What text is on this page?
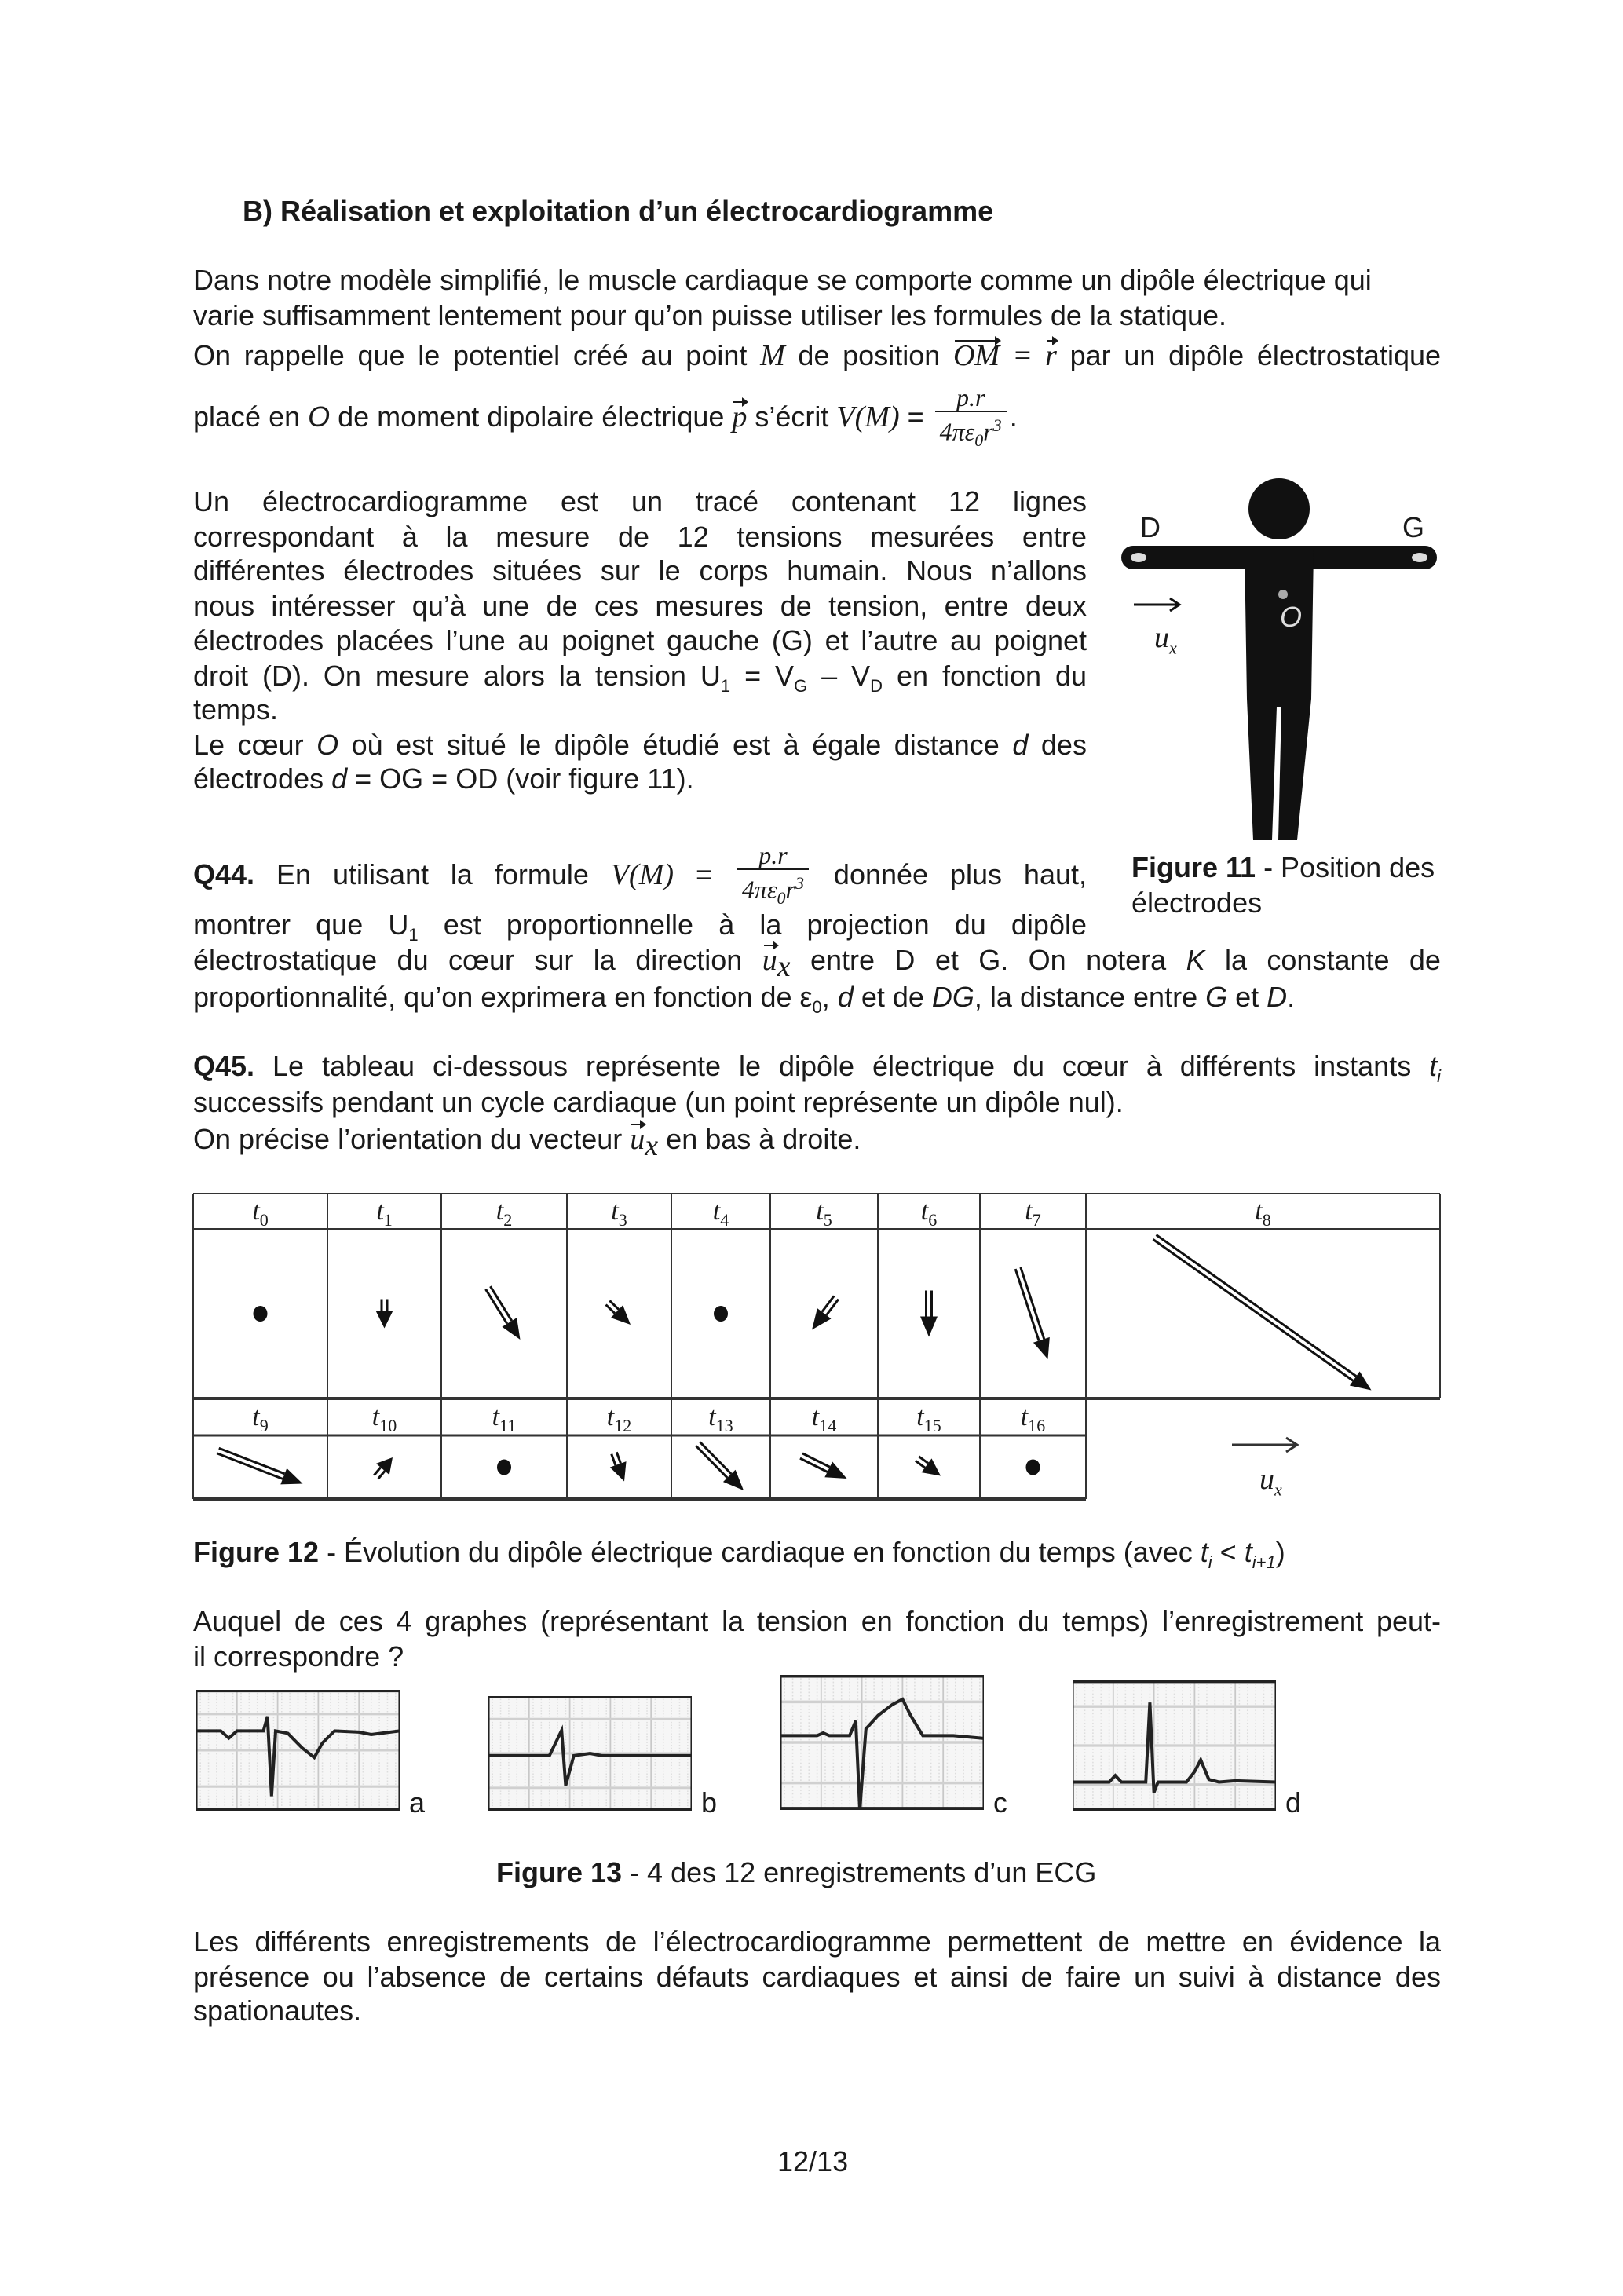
B) Réalisation et exploitation d’un électrocardiogramme
Dans notre modèle simplifié, le muscle cardiaque se comporte comme un dipôle électrique qui
varie suffisamment lentement pour qu’on puisse utiliser les formules de la statique.
On rappelle que le potentiel créé au point M de position OM = r par un dipôle électrostatique
placé en O de moment dipolaire électrique p s’écrit $V(M) = \frac{p.r}{4\pi\varepsilon_0r^3}$ .
Un électrocardiogramme est un tracé contenant 12 lignes
correspondant à la mesure de 12 tensions mesurées entre
différentes électrodes situées sur le corps humain. Nous n’allons
nous intéresser qu’à une de ces mesures de tension, entre deux
électrodes placées l’une au poignet gauche (G) et l’autre au poignet
droit (D). On mesure alors la tension $U_1 = V_G - V_D$ en fonction du
temps.
Le cœur O où est situé le dipôle étudié est à égale distance d des
électrodes d = OG = OD (voir figure 11).
D	G
O
$u_x$
Figure 11 - Position des
électrodes
Q44. En utilisant la formule $V(M) = \frac{p.r}{4\pi\varepsilon_0r^3}$ donnée plus haut,
montrer que $U_1$ est proportionnelle à la projection du dipôle
électrostatique du cœur sur la direction $u_x$ entre D et G. On notera K la constante de
proportionnalité, qu’on exprimera en fonction de $\varepsilon_0$, d et de DG, la distance entre G et D.
Q45. Le tableau ci-dessous représente le dipôle électrique du cœur à différents instants $t_i$
successifs pendant un cycle cardiaque (un point représente un dipôle nul).
On précise l’orientation du vecteur $u_x$ en bas à droite.
$t_0$	$t_1$	$t_2$	$t_3$	$t_4$	$t_5$	$t_6$	$t_7$	$t_8$
$t_9$	$t_{10}$	$t_{11}$	$t_{12}$	$t_{13}$	$t_{14}$	$t_{15}$	$t_{16}$
$u_x$
Figure 12 - Évolution du dipôle électrique cardiaque en fonction du temps (avec $t_i < t_{i+1}$)
Auquel de ces 4 graphes (représentant la tension en fonction du temps) l’enregistrement peut-
il correspondre ?
a	b	c	d
Figure 13 - 4 des 12 enregistrements d’un ECG
Les différents enregistrements de l’électrocardiogramme permettent de mettre en évidence la
présence ou l’absence de certains défauts cardiaques et ainsi de faire un suivi à distance des
spationautes.
12/13
